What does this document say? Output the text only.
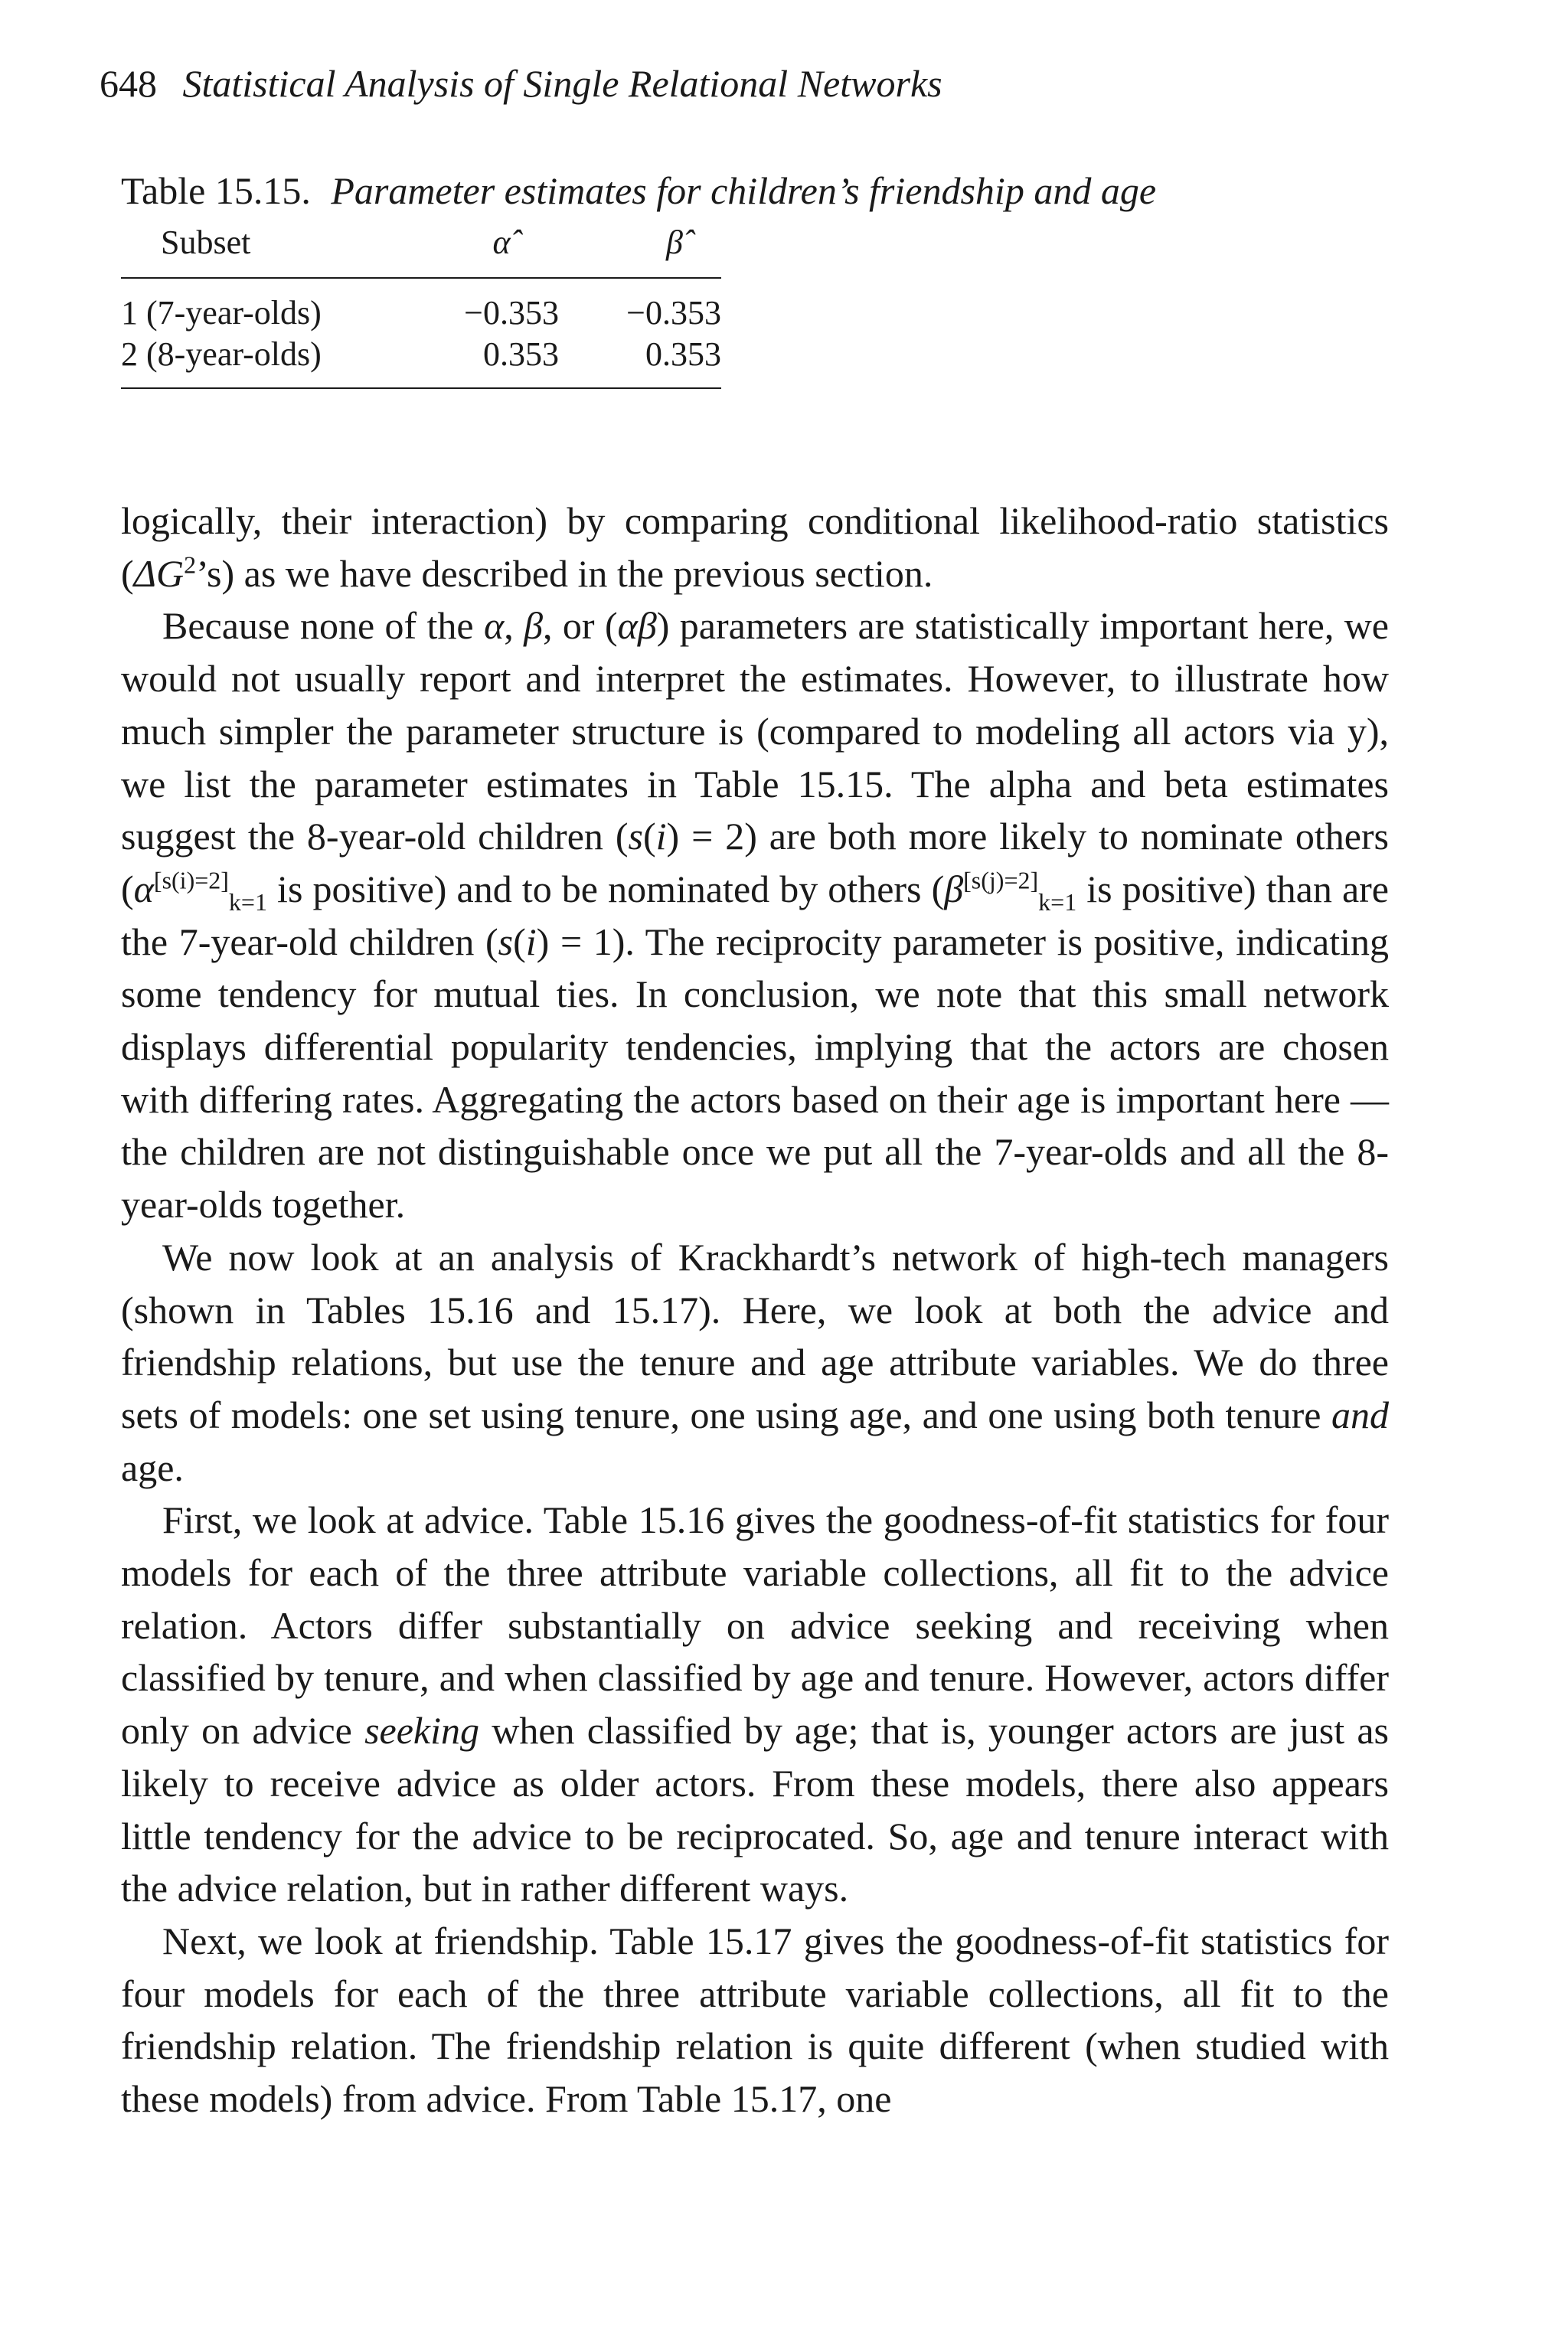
648 Statistical Analysis of Single Relational Networks
Table 15.15. Parameter estimates for children’s friendship and age
Subset	α̂	β̂
1 (7-year-olds)	−0.353	−0.353
2 (8-year-olds)	0.353	0.353

logically, their interaction) by comparing conditional likelihood-ratio statistics $(\Delta G^2’s)$ as we have described in the previous section.

Because none of the α, β, or (αβ) parameters are statistically important here, we would not usually report and interpret the estimates. However, to illustrate how much simpler the parameter structure is (compared to modeling all actors via y), we list the parameter estimates in Table 15.15. The alpha and beta estimates suggest the 8-year-old children (s(i) = 2) are both more likely to nominate others ($\alpha[s(i)=2]_{k=1}$ is positive) and to be nominated by others ($\beta[s(j)=2]_{k=1}$ is positive) than are the 7-year-old children (s(i) = 1). The reciprocity parameter is positive, indicating some tendency for mutual ties. In conclusion, we note that this small network displays differential popularity tendencies, implying that the actors are chosen with differing rates. Aggregating the actors based on their age is important here — the children are not distinguishable once we put all the 7-year-olds and all the 8-year-olds together.

We now look at an analysis of Krackhardt’s network of high-tech managers (shown in Tables 15.16 and 15.17). Here, we look at both the advice and friendship relations, but use the tenure and age attribute variables. We do three sets of models: one set using tenure, one using age, and one using both tenure and age.

First, we look at advice. Table 15.16 gives the goodness-of-fit statistics for four models for each of the three attribute variable collections, all fit to the advice relation. Actors differ substantially on advice seeking and receiving when classified by tenure, and when classified by age and tenure. However, actors differ only on advice seeking when classified by age; that is, younger actors are just as likely to receive advice as older actors. From these models, there also appears little tendency for the advice to be reciprocated. So, age and tenure interact with the advice relation, but in rather different ways.

Next, we look at friendship. Table 15.17 gives the goodness-of-fit statistics for four models for each of the three attribute variable collections, all fit to the friendship relation. The friendship relation is quite different (when studied with these models) from advice. From Table 15.17, one
